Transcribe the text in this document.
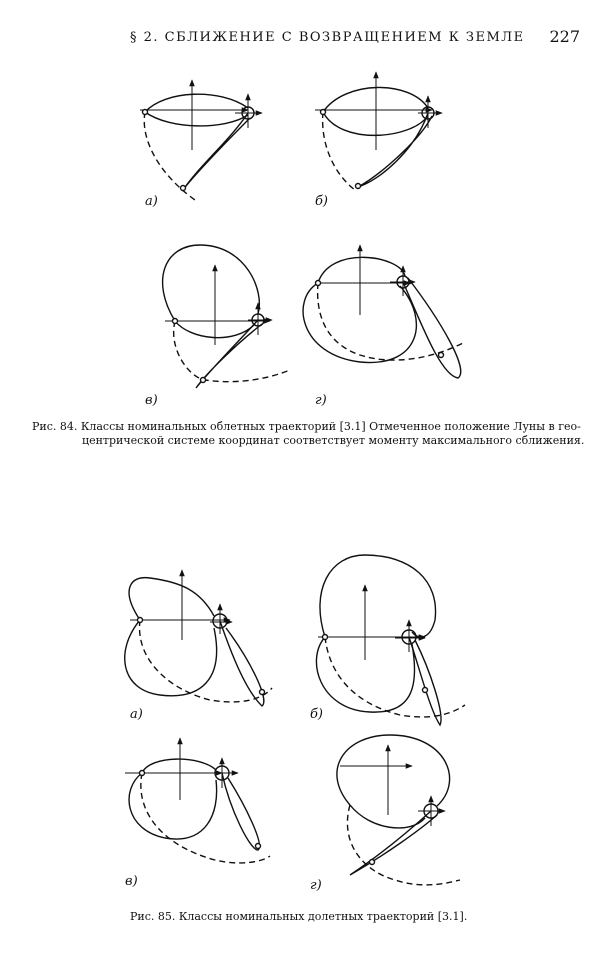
§ 2. СБЛИЖЕНИЕ С ВОЗВРАЩЕНИЕМ К ЗЕМЛЕ 227
а)	б)
в)	г)
Рис. 84. Классы номинальных облетных траекторий [3.1] Отмеченное положение Луны в гео-
центрической системе координат соответствует моменту максимального сближения.
а)	б)
в)	г)
Рис. 85. Классы номинальных долетных траекторий [3.1].
